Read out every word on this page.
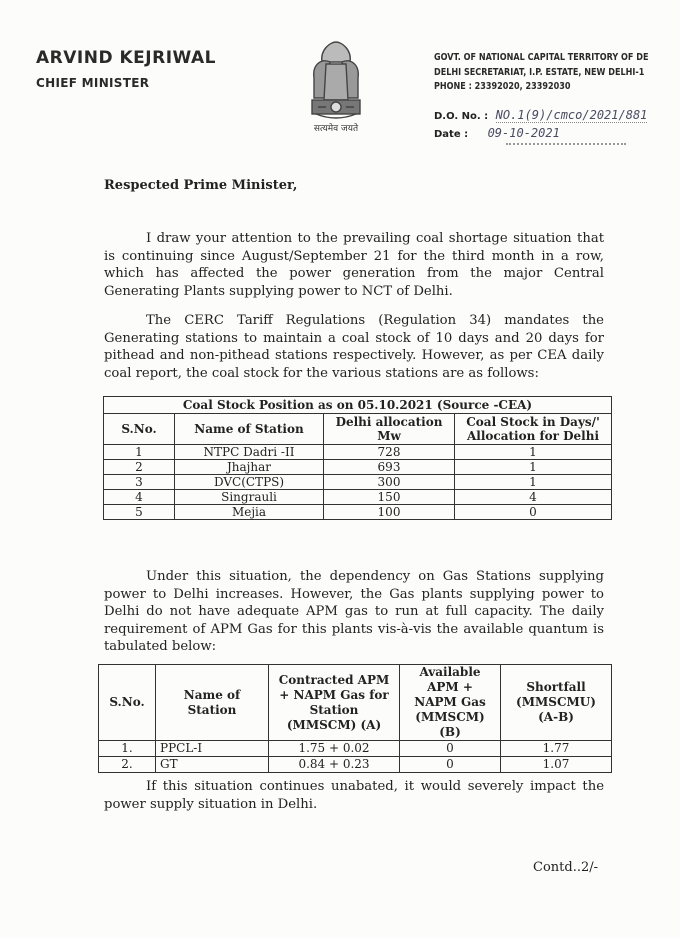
ARVIND KEJRIWAL
CHIEF MINISTER
सत्यमेव जयते
GOVT. OF NATIONAL CAPITAL TERRITORY OF DE
DELHI SECRETARIAT, I.P. ESTATE, NEW DELHI-1
PHONE : 23392020, 23392030
D.O. No. : NO.1(9)/cmco/2021/881
Date : 09-10-2021
Respected Prime Minister,
I draw your attention to the prevailing coal shortage situation that is continuing since August/September 21 for the third month in a row, which has affected the power generation from the major Central Generating Plants supplying power to NCT of Delhi.
The CERC Tariff Regulations (Regulation 34) mandates the Generating stations to maintain a coal stock of 10 days and 20 days for pithead and non-pithead stations respectively. However, as per CEA daily coal report, the coal stock for the various stations are as follows:
Coal Stock Position as on 05.10.2021 (Source -CEA)			
S.No.	Name of Station	Delhi allocation Mw	Coal Stock in Days/' Allocation for Delhi
1	NTPC Dadri -II	728	1
2	Jhajhar	693	1
3	DVC(CTPS)	300	1
4	Singrauli	150	4
5	Mejia	100	0
Under this situation, the dependency on Gas Stations supplying power to Delhi increases. However, the Gas plants supplying power to Delhi do not have adequate APM gas to run at full capacity. The daily requirement of APM Gas for this plants vis-à-vis the available quantum is tabulated below:
S.No.	Name of Station	Contracted APM + NAPM Gas for Station (MMSCM) (A)	Available APM + NAPM Gas (MMSCM) (B)	Shortfall (MMSCMU) (A-B)
1.	PPCL-I	1.75 + 0.02	0	1.77
2.	GT	0.84 + 0.23	0	1.07
If this situation continues unabated, it would severely impact the power supply situation in Delhi.
Contd..2/-
